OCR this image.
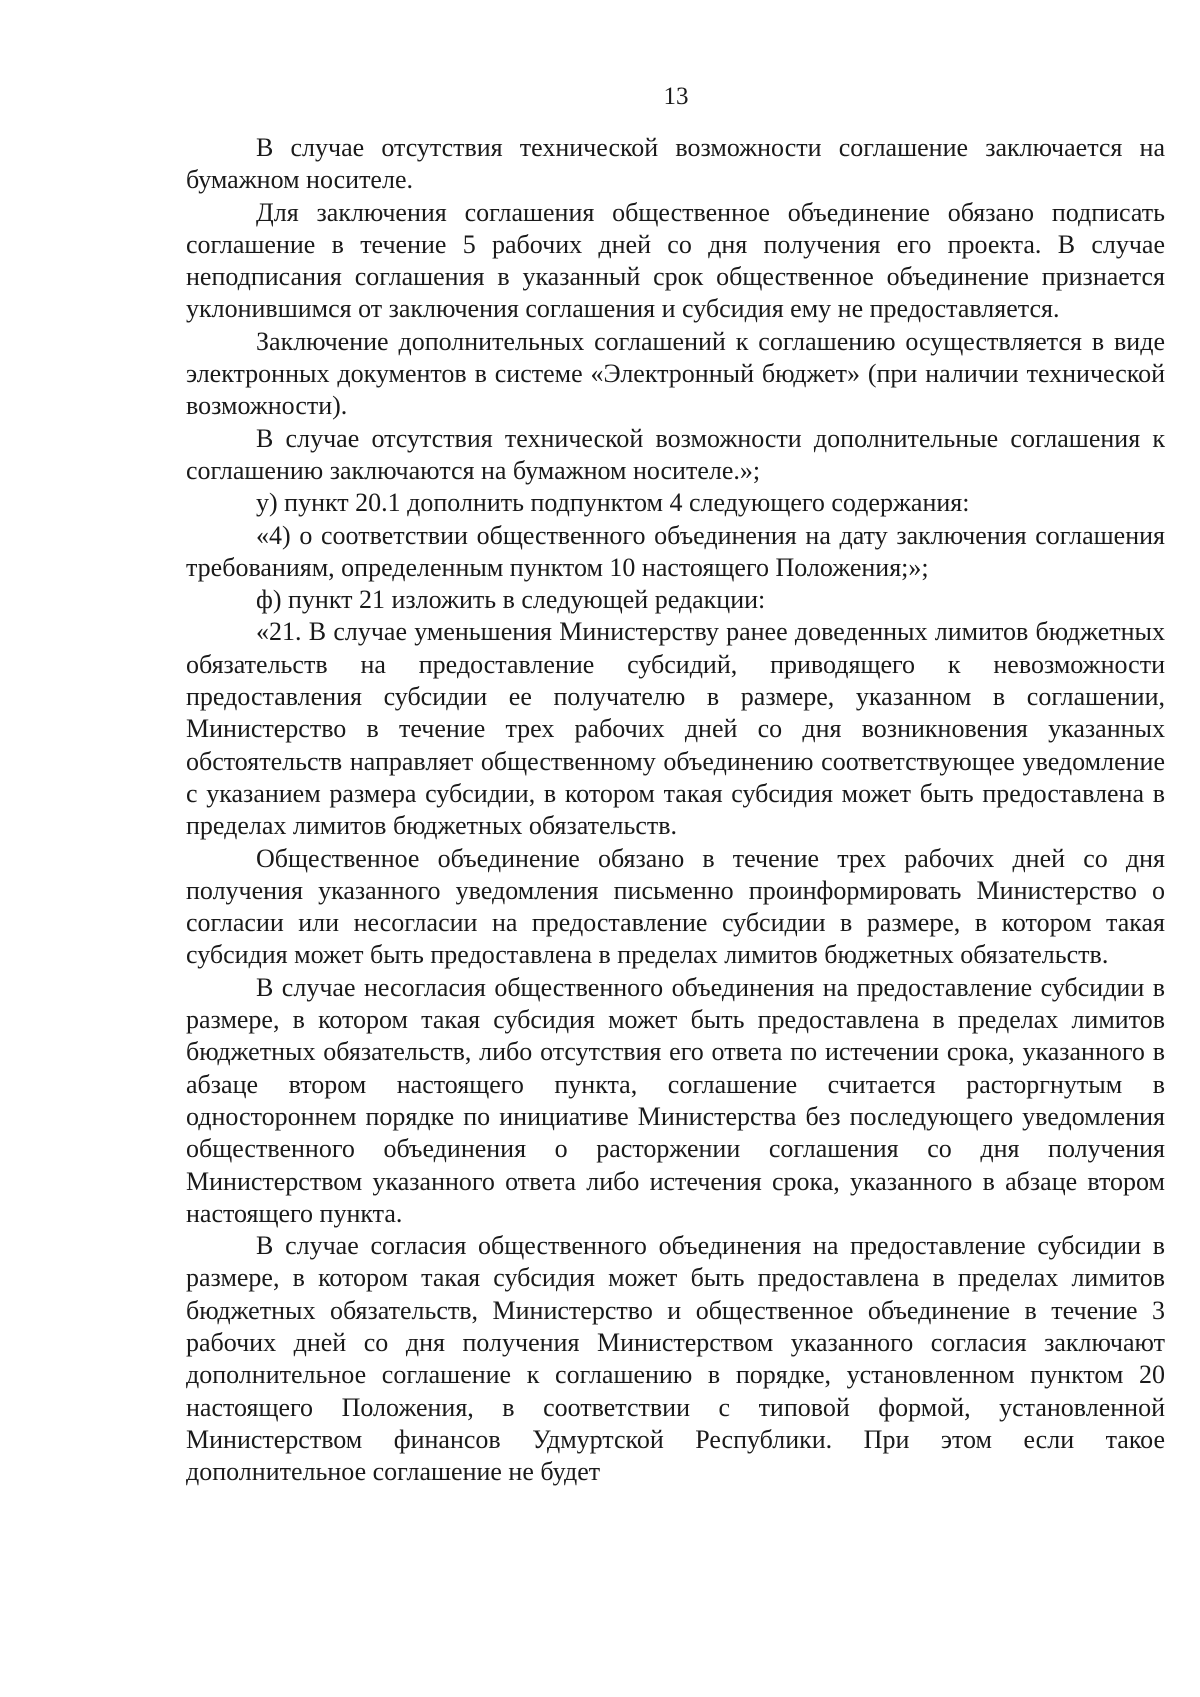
13

В случае отсутствия технической возможности соглашение заключается на бумажном носителе.

Для заключения соглашения общественное объединение обязано подписать соглашение в течение 5 рабочих дней со дня получения его проекта. В случае неподписания соглашения в указанный срок общественное объединение признается уклонившимся от заключения соглашения и субсидия ему не предоставляется.

Заключение дополнительных соглашений к соглашению осуществляется в виде электронных документов в системе «Электронный бюджет» (при наличии технической возможности).

В случае отсутствия технической возможности дополнительные соглашения к соглашению заключаются на бумажном носителе.»;

у) пункт 20.1 дополнить подпунктом 4 следующего содержания:

«4) о соответствии общественного объединения на дату заключения соглашения требованиям, определенным пунктом 10 настоящего Положения;»;

ф) пункт 21 изложить в следующей редакции:

«21. В случае уменьшения Министерству ранее доведенных лимитов бюджетных обязательств на предоставление субсидий, приводящего к невозможности предоставления субсидии ее получателю в размере, указанном в соглашении, Министерство в течение трех рабочих дней со дня возникновения указанных обстоятельств направляет общественному объединению соответствующее уведомление с указанием размера субсидии, в котором такая субсидия может быть предоставлена в пределах лимитов бюджетных обязательств.

Общественное объединение обязано в течение трех рабочих дней со дня получения указанного уведомления письменно проинформировать Министерство о согласии или несогласии на предоставление субсидии в размере, в котором такая субсидия может быть предоставлена в пределах лимитов бюджетных обязательств.

В случае несогласия общественного объединения на предоставление субсидии в размере, в котором такая субсидия может быть предоставлена в пределах лимитов бюджетных обязательств, либо отсутствия его ответа по истечении срока, указанного в абзаце втором настоящего пункта, соглашение считается расторгнутым в одностороннем порядке по инициативе Министерства без последующего уведомления общественного объединения о расторжении соглашения со дня получения Министерством указанного ответа либо истечения срока, указанного в абзаце втором настоящего пункта.

В случае согласия общественного объединения на предоставление субсидии в размере, в котором такая субсидия может быть предоставлена в пределах лимитов бюджетных обязательств, Министерство и общественное объединение в течение 3 рабочих дней со дня получения Министерством указанного согласия заключают дополнительное соглашение к соглашению в порядке, установленном пунктом 20 настоящего Положения, в соответствии с типовой формой, установленной Министерством финансов Удмуртской Республики. При этом если такое дополнительное соглашение не будет
